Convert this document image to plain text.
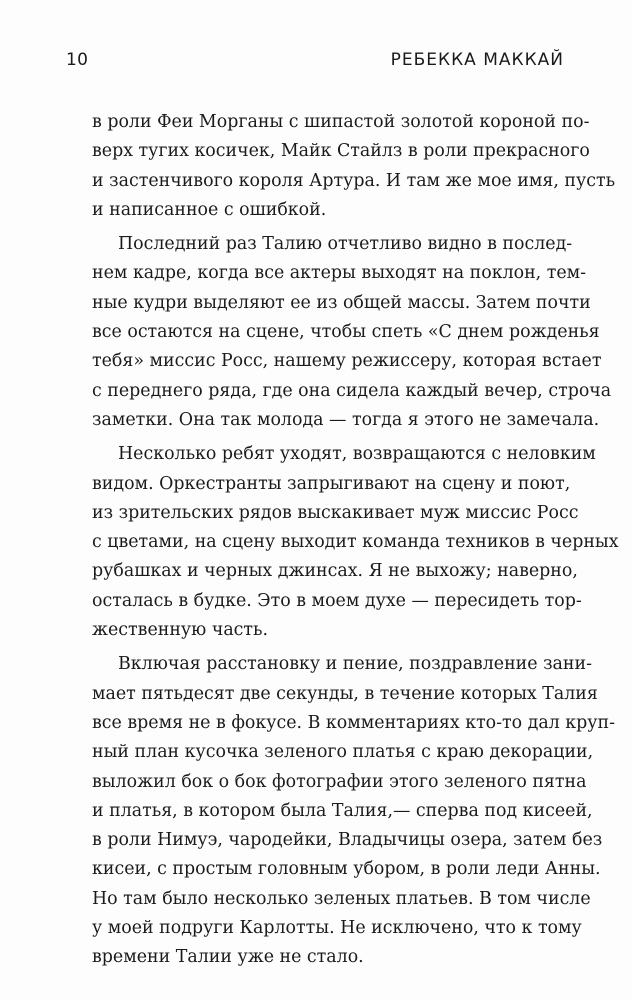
10	РЕБЕККА МАККАЙ
в роли Феи Морганы с шипастой золотой короной по-
верх тугих косичек, Майк Стайлз в роли прекрасного
и застенчивого короля Артура. И там же мое имя, пусть
и написанное с ошибкой.
Последний раз Талию отчетливо видно в послед-
нем кадре, когда все актеры выходят на поклон, тем-
ные кудри выделяют ее из общей массы. Затем почти
все остаются на сцене, чтобы спеть «С днем рожденья
тебя» миссис Росс, нашему режиссеру, которая встает
с переднего ряда, где она сидела каждый вечер, строча
заметки. Она так молода — тогда я этого не замечала.
Несколько ребят уходят, возвращаются с неловким
видом. Оркестранты запрыгивают на сцену и поют,
из зрительских рядов выскакивает муж миссис Росс
с цветами, на сцену выходит команда техников в черных
рубашках и черных джинсах. Я не выхожу; наверно,
осталась в будке. Это в моем духе — пересидеть тор-
жественную часть.
Включая расстановку и пение, поздравление зани-
мает пятьдесят две секунды, в течение которых Талия
все время не в фокусе. В комментариях кто-то дал круп-
ный план кусочка зеленого платья с краю декорации,
выложил бок о бок фотографии этого зеленого пятна
и платья, в котором была Талия,— сперва под кисеей,
в роли Нимуэ, чародейки, Владычицы озера, затем без
кисеи, с простым головным убором, в роли леди Анны.
Но там было несколько зеленых платьев. В том числе
у моей подруги Карлотты. Не исключено, что к тому
времени Талии уже не стало.
